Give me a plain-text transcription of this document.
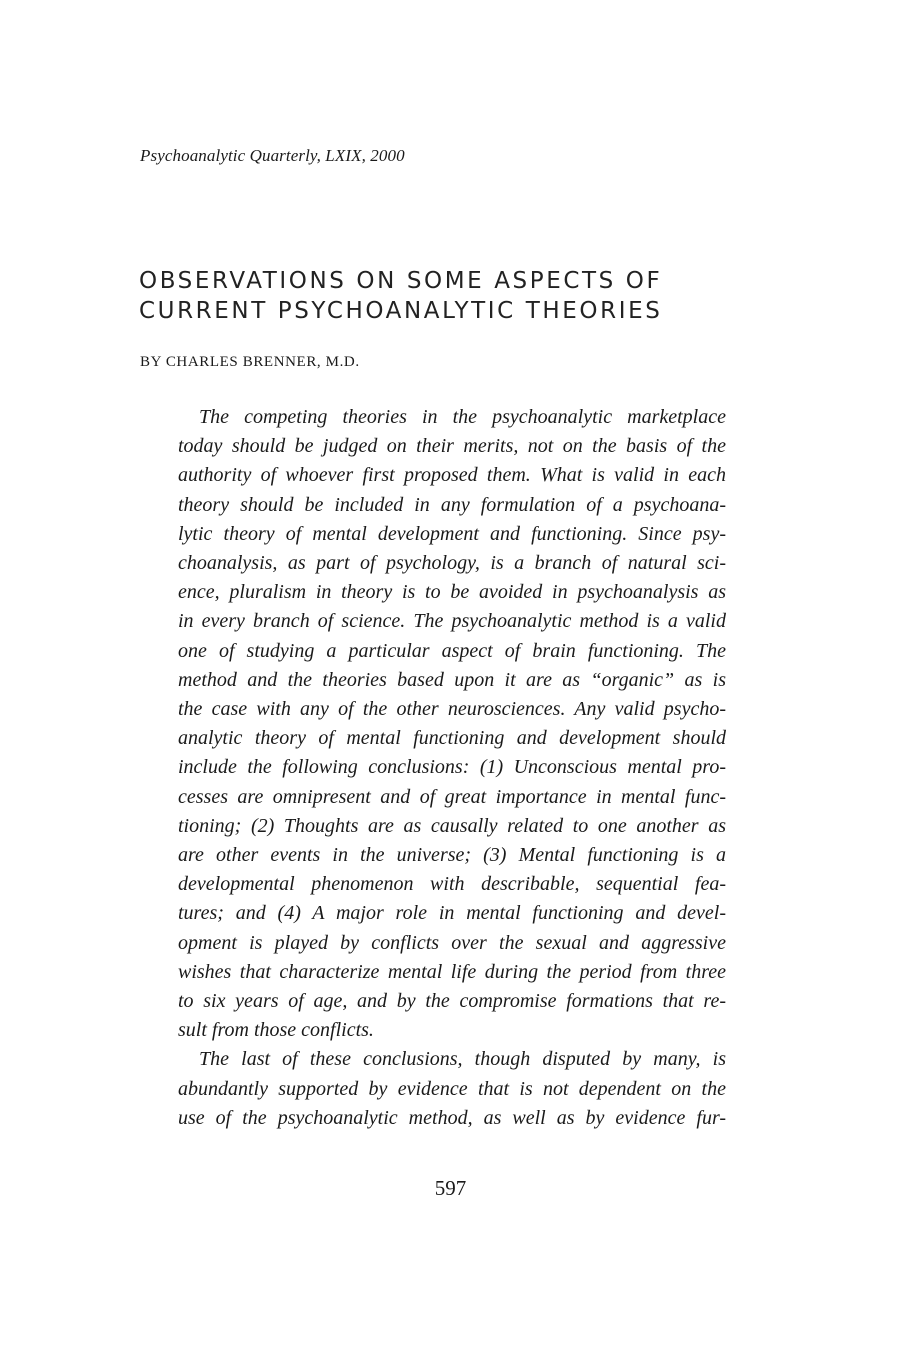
Psychoanalytic Quarterly, LXIX, 2000
OBSERVATIONS ON SOME ASPECTS OF
CURRENT PSYCHOANALYTIC THEORIES
BY CHARLES BRENNER, M.D.
The competing theories in the psychoanalytic marketplace
today should be judged on their merits, not on the basis of the
authority of whoever first proposed them. What is valid in each
theory should be included in any formulation of a psychoana-
lytic theory of mental development and functioning. Since psy-
choanalysis, as part of psychology, is a branch of natural sci-
ence, pluralism in theory is to be avoided in psychoanalysis as
in every branch of science. The psychoanalytic method is a valid
one of studying a particular aspect of brain functioning. The
method and the theories based upon it are as “organic” as is
the case with any of the other neurosciences. Any valid psycho-
analytic theory of mental functioning and development should
include the following conclusions: (1) Unconscious mental pro-
cesses are omnipresent and of great importance in mental func-
tioning; (2) Thoughts are as causally related to one another as
are other events in the universe; (3) Mental functioning is a
developmental phenomenon with describable, sequential fea-
tures; and (4) A major role in mental functioning and devel-
opment is played by conflicts over the sexual and aggressive
wishes that characterize mental life during the period from three
to six years of age, and by the compromise formations that re-
sult from those conflicts.
The last of these conclusions, though disputed by many, is
abundantly supported by evidence that is not dependent on the
use of the psychoanalytic method, as well as by evidence fur-
597
